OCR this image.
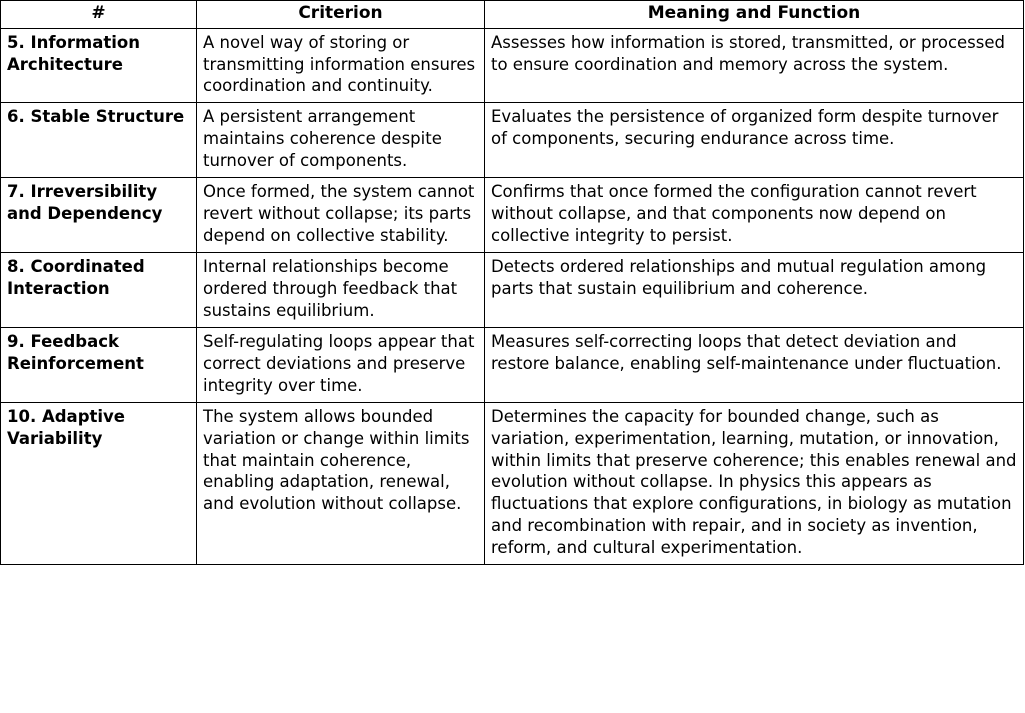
#	Criterion	Meaning and Function
5. Information Architecture	A novel way of storing or transmitting information ensures coordination and continuity.	Assesses how information is stored, transmitted, or processed to ensure coordination and memory across the system.
6. Stable Structure	A persistent arrangement maintains coherence despite turnover of components.	Evaluates the persistence of organized form despite turnover of components, securing endurance across time.
7. Irreversibility and Dependency	Once formed, the system cannot revert without collapse; its parts depend on collective stability.	Confirms that once formed the configuration cannot revert without collapse, and that components now depend on collective integrity to persist.
8. Coordinated Interaction	Internal relationships become ordered through feedback that sustains equilibrium.	Detects ordered relationships and mutual regulation among parts that sustain equilibrium and coherence.
9. Feedback Reinforcement	Self-regulating loops appear that correct deviations and preserve integrity over time.	Measures self-correcting loops that detect deviation and restore balance, enabling self-maintenance under fluctuation.
10. Adaptive Variability	The system allows bounded variation or change within limits that maintain coherence, enabling adaptation, renewal, and evolution without collapse.	Determines the capacity for bounded change, such as variation, experimentation, learning, mutation, or innovation, within limits that preserve coherence; this enables renewal and evolution without collapse. In physics this appears as fluctuations that explore configurations, in biology as mutation and recombination with repair, and in society as invention, reform, and cultural experimentation.
